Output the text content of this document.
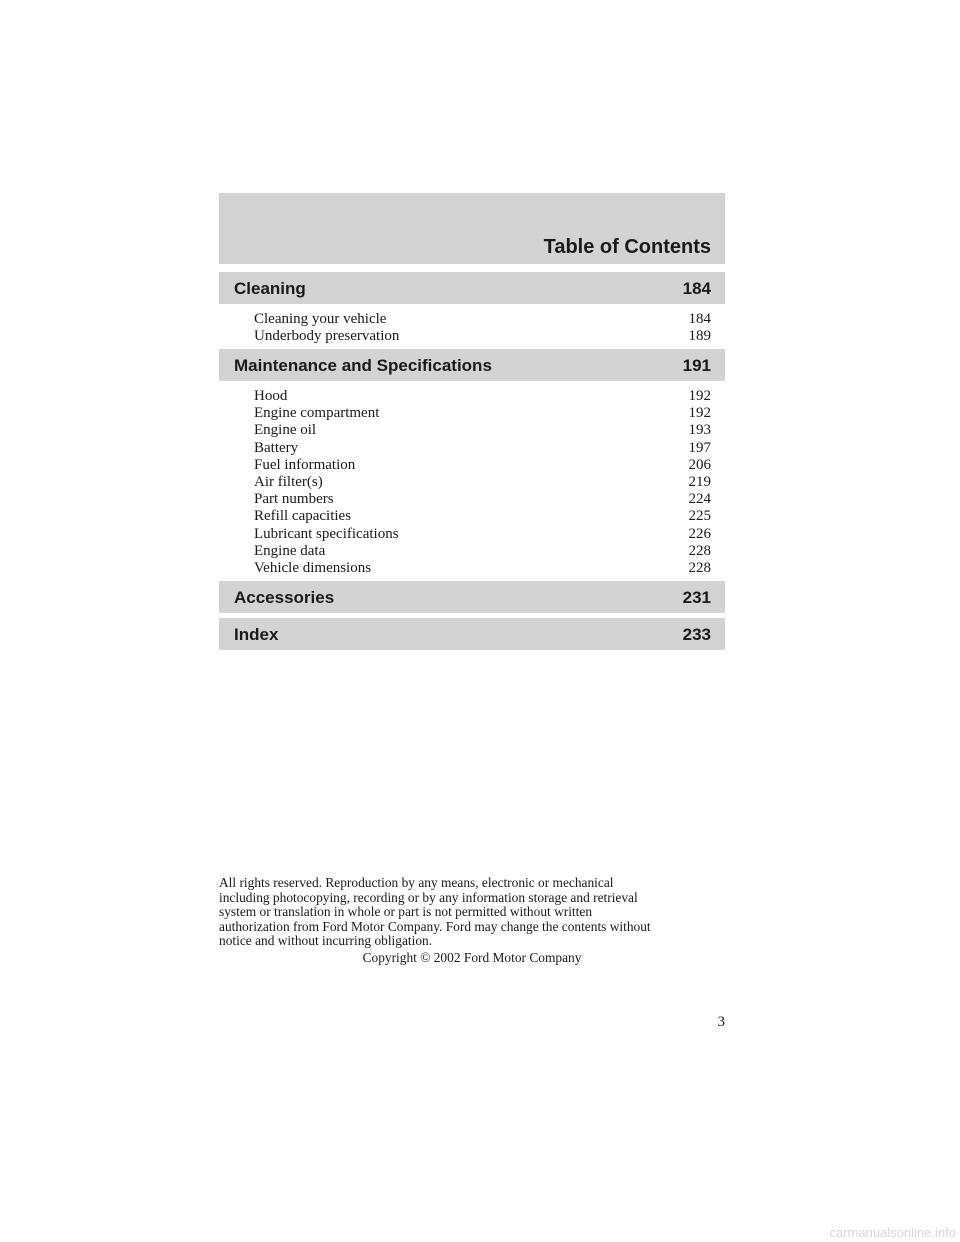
Table of Contents
Cleaning	184
Cleaning your vehicle	184
Underbody preservation	189
Maintenance and Specifications	191
Hood	192
Engine compartment	192
Engine oil	193
Battery	197
Fuel information	206
Air filter(s)	219
Part numbers	224
Refill capacities	225
Lubricant specifications	226
Engine data	228
Vehicle dimensions	228
Accessories	231
Index	233
All rights reserved. Reproduction by any means, electronic or mechanical
including photocopying, recording or by any information storage and retrieval
system or translation in whole or part is not permitted without written
authorization from Ford Motor Company. Ford may change the contents without
notice and without incurring obligation.
Copyright © 2002 Ford Motor Company
3
carmanualsonline.info
